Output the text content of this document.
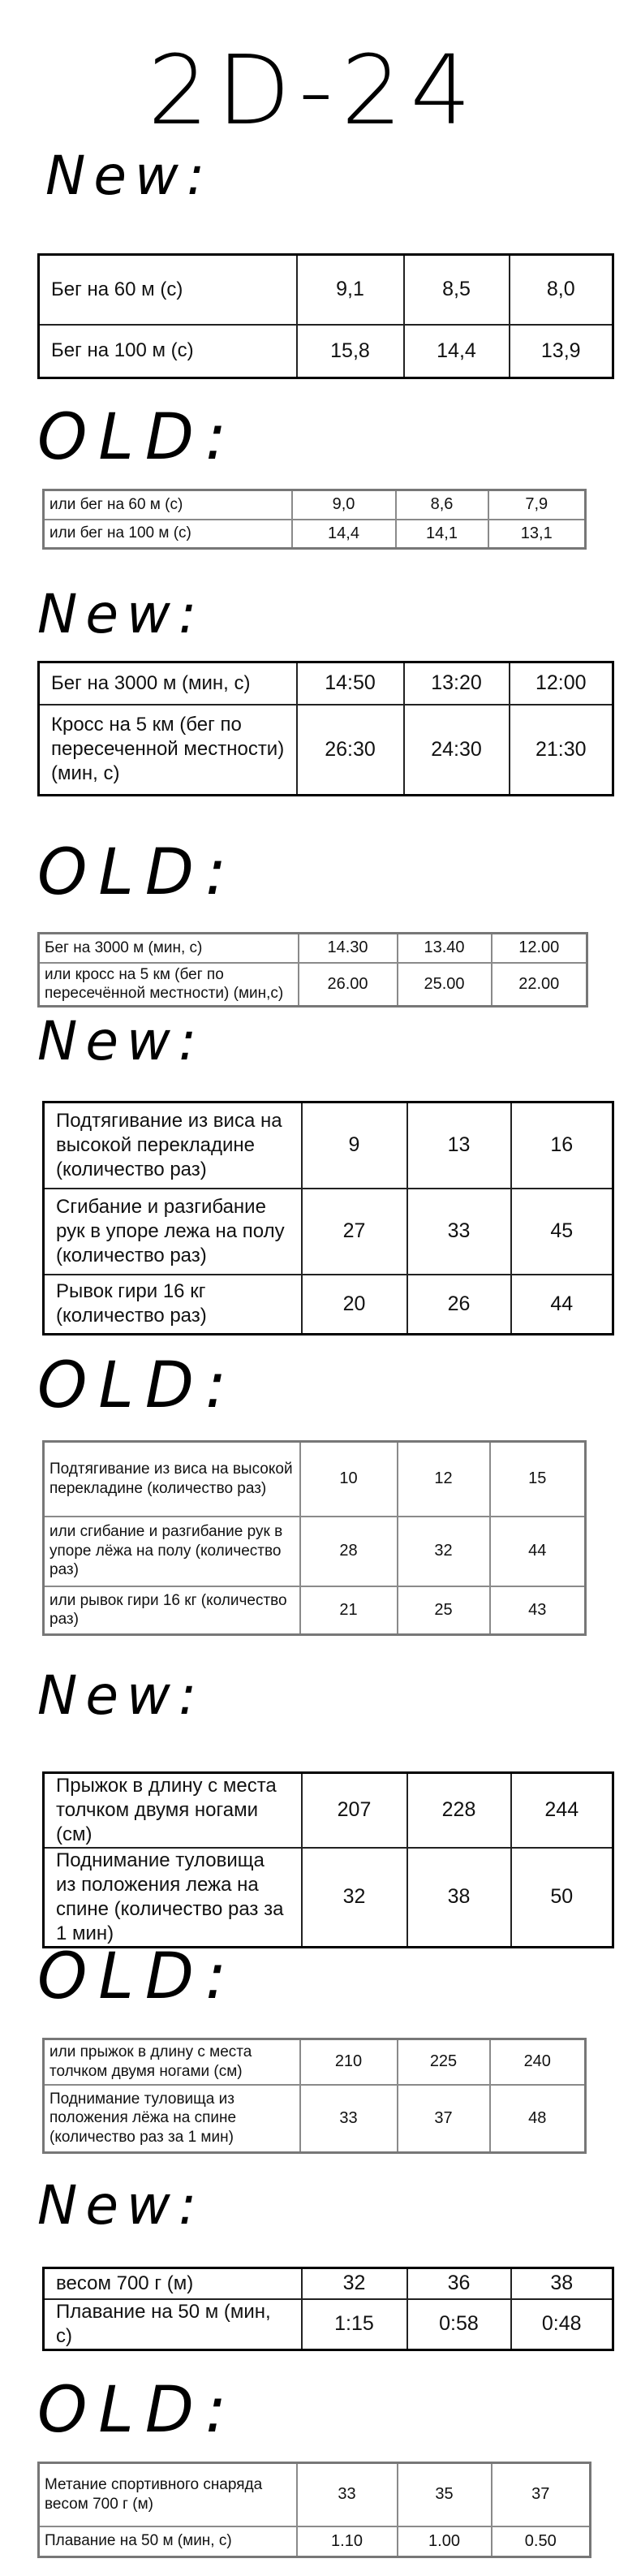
2D-24
New:
Бег на 60 м (с)	9,1	8,5	8,0
Бег на 100 м (с)	15,8	14,4	13,9
OLD:
или бег на 60 м (с)	9,0	8,6	7,9
или бег на 100 м (с)	14,4	14,1	13,1
New:
Бег на 3000 м (мин, с)	14:50	13:20	12:00
Кросс на 5 км (бег по пересеченной местности) (мин, с)	26:30	24:30	21:30
OLD:
Бег на 3000 м (мин, с)	14.30	13.40	12.00
или кросс на 5 км (бег по пересечённой местности) (мин,с)	26.00	25.00	22.00
New:
Подтягивание из виса на высокой перекладине (количество раз)	9	13	16
Сгибание и разгибание рук в упоре лежа на полу (количество раз)	27	33	45
Рывок гири 16 кг (количество раз)	20	26	44
OLD:
Подтягивание из виса на высокой перекладине (количество раз)	10	12	15
или сгибание и разгибание рук в упоре лёжа на полу (количество раз)	28	32	44
или рывок гири 16 кг (количество раз)	21	25	43
New:
Прыжок в длину с места толчком двумя ногами (см)	207	228	244
Поднимание туловища из положения лежа на спине (количество раз за 1 мин)	32	38	50
OLD:
или прыжок в длину с места толчком двумя ногами (см)	210	225	240
Поднимание туловища из положения лёжа на спине (количество раз за 1 мин)	33	37	48
New:
весом 700 г (м)	32	36	38
Плавание на 50 м (мин, с)	1:15	0:58	0:48
OLD:
Метание спортивного снаряда весом 700 г (м)	33	35	37
Плавание на 50 м (мин, с)	1.10	1.00	0.50
